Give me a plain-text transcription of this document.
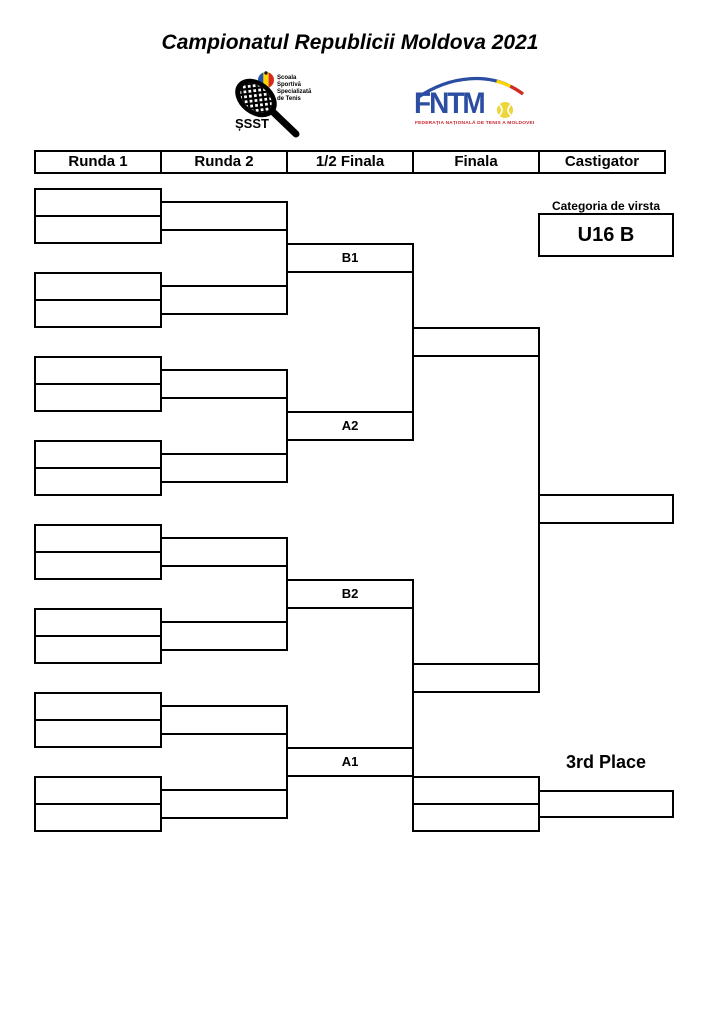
Campionatul Republicii Moldova 2021
Școala
Sportivă
Specializată
de Tenis
ȘSST
FNTM
FEDERAȚIA NAȚIONALĂ DE TENIS A MOLDOVEI
Runda 1	Runda 2	1/2 Finala	Finala	Castigator
B1
A2
B2
A1
Categoria de virsta
U16 B
3rd Place
